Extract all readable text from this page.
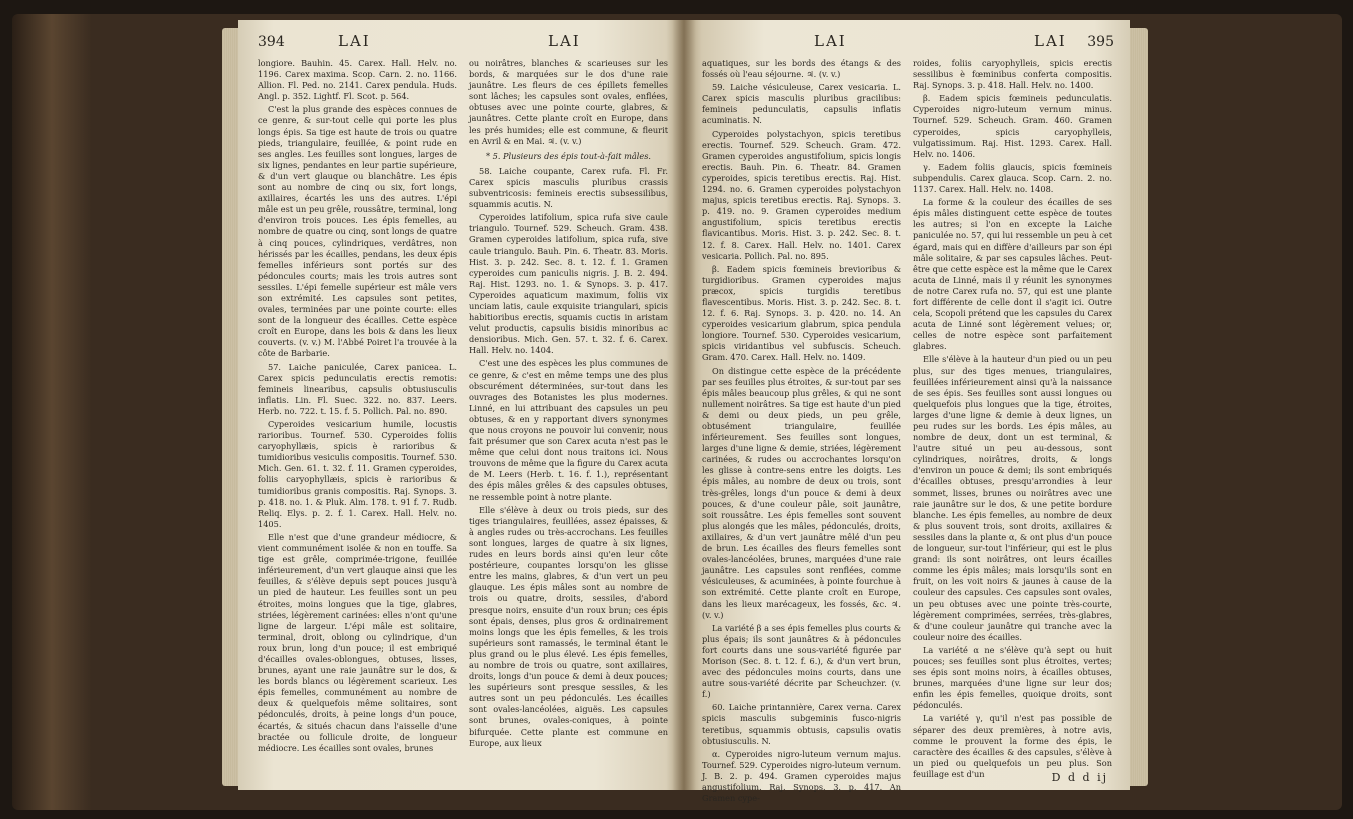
394	LAI	LAI

longiore. Bauhin. 45. Carex. Hall. Helv. no. 1196. Carex maxima. Scop. Carn. 2. no. 1166. Allion. Fl. Ped. no. 2141. Carex pendula. Huds. Angl. p. 352. Lightf. Fl. Scot. p. 564.

C'est la plus grande des espèces connues de ce genre, & sur-tout celle qui porte les plus longs épis. Sa tige est haute de trois ou quatre pieds, triangulaire, feuillée, & point rude en ses angles. Les feuilles sont longues, larges de six lignes, pendantes en leur partie supérieure, & d'un vert glauque ou blanchâtre. Les épis sont au nombre de cinq ou six, fort longs, axillaires, écartés les uns des autres. L'épi mâle est un peu grêle, roussâtre, terminal, long d'environ trois pouces. Les épis femelles, au nombre de quatre ou cinq, sont longs de quatre à cinq pouces, cylindriques, verdâtres, non hérissés par les écailles, pendans, les deux épis femelles inférieurs sont portés sur des pédoncules courts; mais les trois autres sont sessiles. L'épi femelle supérieur est mâle vers son extrémité. Les capsules sont petites, ovales, terminées par une pointe courte: elles sont de la longueur des écailles. Cette espèce croît en Europe, dans les bois & dans les lieux couverts. (v. v.) M. l'Abbé Poiret l'a trouvée à la côte de Barbarie.

57. Laiche paniculée, Carex panicea. L. Carex spicis pedunculatis erectis remotis: femineis linearibus, capsulis obtusiusculis inflatis. Lin. Fl. Suec. 322. no. 837. Leers. Herb. no. 722. t. 15. f. 5. Pollich. Pal. no. 890.

Cyperoides vesicarium humile, locustis rarioribus. Tournef. 530. Cyperoides foliis caryophyllæis, spicis è rarioribus & tumidioribus vesiculis compositis. Tournef. 530. Mich. Gen. 61. t. 32. f. 11. Gramen cyperoides, foliis caryophyllæis, spicis è rarioribus & tumidioribus granis compositis. Raj. Synops. 3. p. 418. no. 1. & Pluk. Alm. 178. t. 91 f. 7. Rudb. Reliq. Elys. p. 2. f. 1. Carex. Hall. Helv. no. 1405.

Elle n'est que d'une grandeur médiocre, & vient communément isolée & non en touffe. Sa tige est grêle, comprimée-trigone, feuillée inférieurement, d'un vert glauque ainsi que les feuilles, & s'élève depuis sept pouces jusqu'à un pied de hauteur. Les feuilles sont un peu étroites, moins longues que la tige, glabres, striées, légèrement carinées: elles n'ont qu'une ligne de largeur. L'épi mâle est solitaire, terminal, droit, oblong ou cylindrique, d'un roux brun, long d'un pouce; il est embriqué d'écailles ovales-oblongues, obtuses, lisses, brunes, ayant une raie jaunâtre sur le dos, & les bords blancs ou légèrement scarieux. Les épis femelles, communément au nombre de deux & quelquefois même solitaires, sont pédonculés, droits, à peine longs d'un pouce, écartés, & situés chacun dans l'aisselle d'une bractée ou follicule droite, de longueur médiocre. Les écailles sont ovales, brunes

ou noirâtres, blanches & scarieuses sur les bords, & marquées sur le dos d'une raie jaunâtre. Les fleurs de ces épillets femelles sont lâches; les capsules sont ovales, enflées, obtuses avec une pointe courte, glabres, & jaunâtres. Cette plante croît en Europe, dans les prés humides; elle est commune, & fleurit en Avril & en Mai. ♃. (v. v.)

* 5. Plusieurs des épis tout-à-fait mâles.

58. Laiche coupante, Carex rufa. Fl. Fr. Carex spicis masculis pluribus crassis subventricosis: femineis erectis subsessilibus, squammis acutis. N.

Cyperoides latifolium, spica rufa sive caule triangulo. Tournef. 529. Scheuch. Gram. 438. Gramen cyperoides latifolium, spica rufa, sive caule triangulo. Bauh. Pin. 6. Theatr. 83. Moris. Hist. 3. p. 242. Sec. 8. t. 12. f. 1. Gramen cyperoides cum paniculis nigris. J. B. 2. 494. Raj. Hist. 1293. no. 1. & Synops. 3. p. 417. Cyperoides aquaticum maximum, foliis vix unciam latis, caule exquisite triangulari, spicis habitioribus erectis, squamis cuctis in aristam velut productis, capsulis bisidis minoribus ac densioribus. Mich. Gen. 57. t. 32. f. 6. Carex. Hall. Helv. no. 1404.

C'est une des espèces les plus communes de ce genre, & c'est en même temps une des plus obscurément déterminées, sur-tout dans les ouvrages des Botanistes les plus modernes. Linné, en lui attribuant des capsules un peu obtuses, & en y rapportant divers synonymes que nous croyons ne pouvoir lui convenir, nous fait présumer que son Carex acuta n'est pas le même que celui dont nous traitons ici. Nous trouvons de même que la figure du Carex acuta de M. Leers (Herb. t. 16. f. 1.), représentant des épis mâles grêles & des capsules obtuses, ne ressemble point à notre plante.

Elle s'élève à deux ou trois pieds, sur des tiges triangulaires, feuillées, assez épaisses, & à angles rudes ou très-accrochans. Les feuilles sont longues, larges de quatre à six lignes, rudes en leurs bords ainsi qu'en leur côte postérieure, coupantes lorsqu'on les glisse entre les mains, glabres, & d'un vert un peu glauque. Les épis mâles sont au nombre de trois ou quatre, droits, sessiles, d'abord presque noirs, ensuite d'un roux brun; ces épis sont épais, denses, plus gros & ordinairement moins longs que les épis femelles, & les trois supérieurs sont ramassés, le terminal étant le plus grand ou le plus élevé. Les épis femelles, au nombre de trois ou quatre, sont axillaires, droits, longs d'un pouce & demi à deux pouces; les supérieurs sont presque sessiles, & les autres sont un peu pédonculés. Les écailles sont ovales-lancéolées, aiguës. Les capsules sont brunes, ovales-coniques, à pointe bifurquée. Cette plante est commune en Europe, aux lieux

LAI	LAI 395

aquatiques, sur les bords des étangs & des fossés où l'eau séjourne. ♃. (v. v.)

59. Laiche vésiculeuse, Carex vesicaria. L. Carex spicis masculis pluribus gracilibus: femineis pedunculatis, capsulis inflatis acuminatis. N.

Cyperoides polystachyon, spicis teretibus erectis. Tournef. 529. Scheuch. Gram. 472. Gramen cyperoides angustifolium, spicis longis erectis. Bauh. Pin. 6. Theatr. 84. Gramen cyperoides, spicis teretibus erectis. Raj. Hist. 1294. no. 6. Gramen cyperoides polystachyon majus, spicis teretibus erectis. Raj. Synops. 3. p. 419. no. 9. Gramen cyperoides medium angustifolium, spicis teretibus erectis flavicantibus. Moris. Hist. 3. p. 242. Sec. 8. t. 12. f. 8. Carex. Hall. Helv. no. 1401. Carex vesicaria. Pollich. Pal. no. 895.

β. Eadem spicis fœmineis brevioribus & turgidioribus. Gramen cyperoides majus præcox, spicis turgidis teretibus flavescentibus. Moris. Hist. 3. p. 242. Sec. 8. t. 12. f. 6. Raj. Synops. 3. p. 420. no. 14. An cyperoides vesicarium glabrum, spica pendula longiore. Tournef. 530. Cyperoides vesicarium, spicis viridantibus vel subfuscis. Scheuch. Gram. 470. Carex. Hall. Helv. no. 1409.

On distingue cette espèce de la précédente par ses feuilles plus étroites, & sur-tout par ses épis mâles beaucoup plus grêles, & qui ne sont nullement noirâtres. Sa tige est haute d'un pied & demi ou deux pieds, un peu grêle, obtusément triangulaire, feuillée inférieurement. Ses feuilles sont longues, larges d'une ligne & demie, striées, légèrement carinées, & rudes ou accrochantes lorsqu'on les glisse à contre-sens entre les doigts. Les épis mâles, au nombre de deux ou trois, sont très-grêles, longs d'un pouce & demi à deux pouces, & d'une couleur pâle, soit jaunâtre, soit roussâtre. Les épis femelles sont souvent plus alongés que les mâles, pédonculés, droits, axillaires, & d'un vert jaunâtre mêlé d'un peu de brun. Les écailles des fleurs femelles sont ovales-lancéolées, brunes, marquées d'une raie jaunâtre. Les capsules sont renflées, comme vésiculeuses, & acuminées, à pointe fourchue à son extrémité. Cette plante croît en Europe, dans les lieux marécageux, les fossés, &c. ♃. (v. v.)

La variété β a ses épis femelles plus courts & plus épais; ils sont jaunâtres & à pédoncules fort courts dans une sous-variété figurée par Morison (Sec. 8. t. 12. f. 6.), & d'un vert brun, avec des pédoncules moins courts, dans une autre sous-variété décrite par Scheuchzer. (v. f.)

60. Laiche printannière, Carex verna. Carex spicis masculis subgeminis fusco-nigris teretibus, squammis obtusis, capsulis ovatis obtusiusculis. N.

α. Cyperoides nigro-luteum vernum majus. Tournef. 529. Cyperoides nigro-luteum vernum. J. B. 2. p. 494. Gramen cyperoides majus angustifolium. Raj. Synops. 3. p. 417. An Gramen cype-

roides, foliis caryophylleis, spicis erectis sessilibus è fœminibus conferta compositis. Raj. Synops. 3. p. 418. Hall. Helv. no. 1400.

β. Eadem spicis fœmineis pedunculatis. Cyperoides nigro-luteum vernum minus. Tournef. 529. Scheuch. Gram. 460. Gramen cyperoides, spicis caryophylleis, vulgatissimum. Raj. Hist. 1293. Carex. Hall. Helv. no. 1406.

γ. Eadem foliis glaucis, spicis fœmineis subpendulis. Carex glauca. Scop. Carn. 2. no. 1137. Carex. Hall. Helv. no. 1408.

La forme & la couleur des écailles de ses épis mâles distinguent cette espèce de toutes les autres; si l'on en excepte la Laiche paniculée no. 57, qui lui ressemble un peu à cet égard, mais qui en diffère d'ailleurs par son épi mâle solitaire, & par ses capsules lâches. Peut-être que cette espèce est la même que le Carex acuta de Linné, mais il y réunit les synonymes de notre Carex rufa no. 57, qui est une plante fort différente de celle dont il s'agit ici. Outre cela, Scopoli prétend que les capsules du Carex acuta de Linné sont légèrement velues; or, celles de notre espèce sont parfaitement glabres.

Elle s'élève à la hauteur d'un pied ou un peu plus, sur des tiges menues, triangulaires, feuillées inférieurement ainsi qu'à la naissance de ses épis. Ses feuilles sont aussi longues ou quelquefois plus longues que la tige, étroites, larges d'une ligne & demie à deux lignes, un peu rudes sur les bords. Les épis mâles, au nombre de deux, dont un est terminal, & l'autre situé un peu au-dessous, sont cylindriques, noirâtres, droits, & longs d'environ un pouce & demi; ils sont embriqués d'écailles obtuses, presqu'arrondies à leur sommet, lisses, brunes ou noirâtres avec une raie jaunâtre sur le dos, & une petite bordure blanche. Les épis femelles, au nombre de deux & plus souvent trois, sont droits, axillaires & sessiles dans la plante α, & ont plus d'un pouce de longueur, sur-tout l'inférieur, qui est le plus grand: ils sont noirâtres, ont leurs écailles comme les épis mâles; mais lorsqu'ils sont en fruit, on les voit noirs & jaunes à cause de la couleur des capsules. Ces capsules sont ovales, un peu obtuses avec une pointe très-courte, légèrement comprimées, serrées, très-glabres, & d'une couleur jaunâtre qui tranche avec la couleur noire des écailles.

La variété α ne s'élève qu'à sept ou huit pouces; ses feuilles sont plus étroites, vertes; ses épis sont moins noirs, à écailles obtuses, brunes, marquées d'une ligne sur leur dos; enfin les épis femelles, quoique droits, sont pédonculés.

La variété γ, qu'il n'est pas possible de séparer des deux premières, à notre avis, comme le prouvent la forme des épis, le caractère des écailles & des capsules, s'élève à un pied ou quelquefois un peu plus. Son feuillage est d'un	D d d ij
